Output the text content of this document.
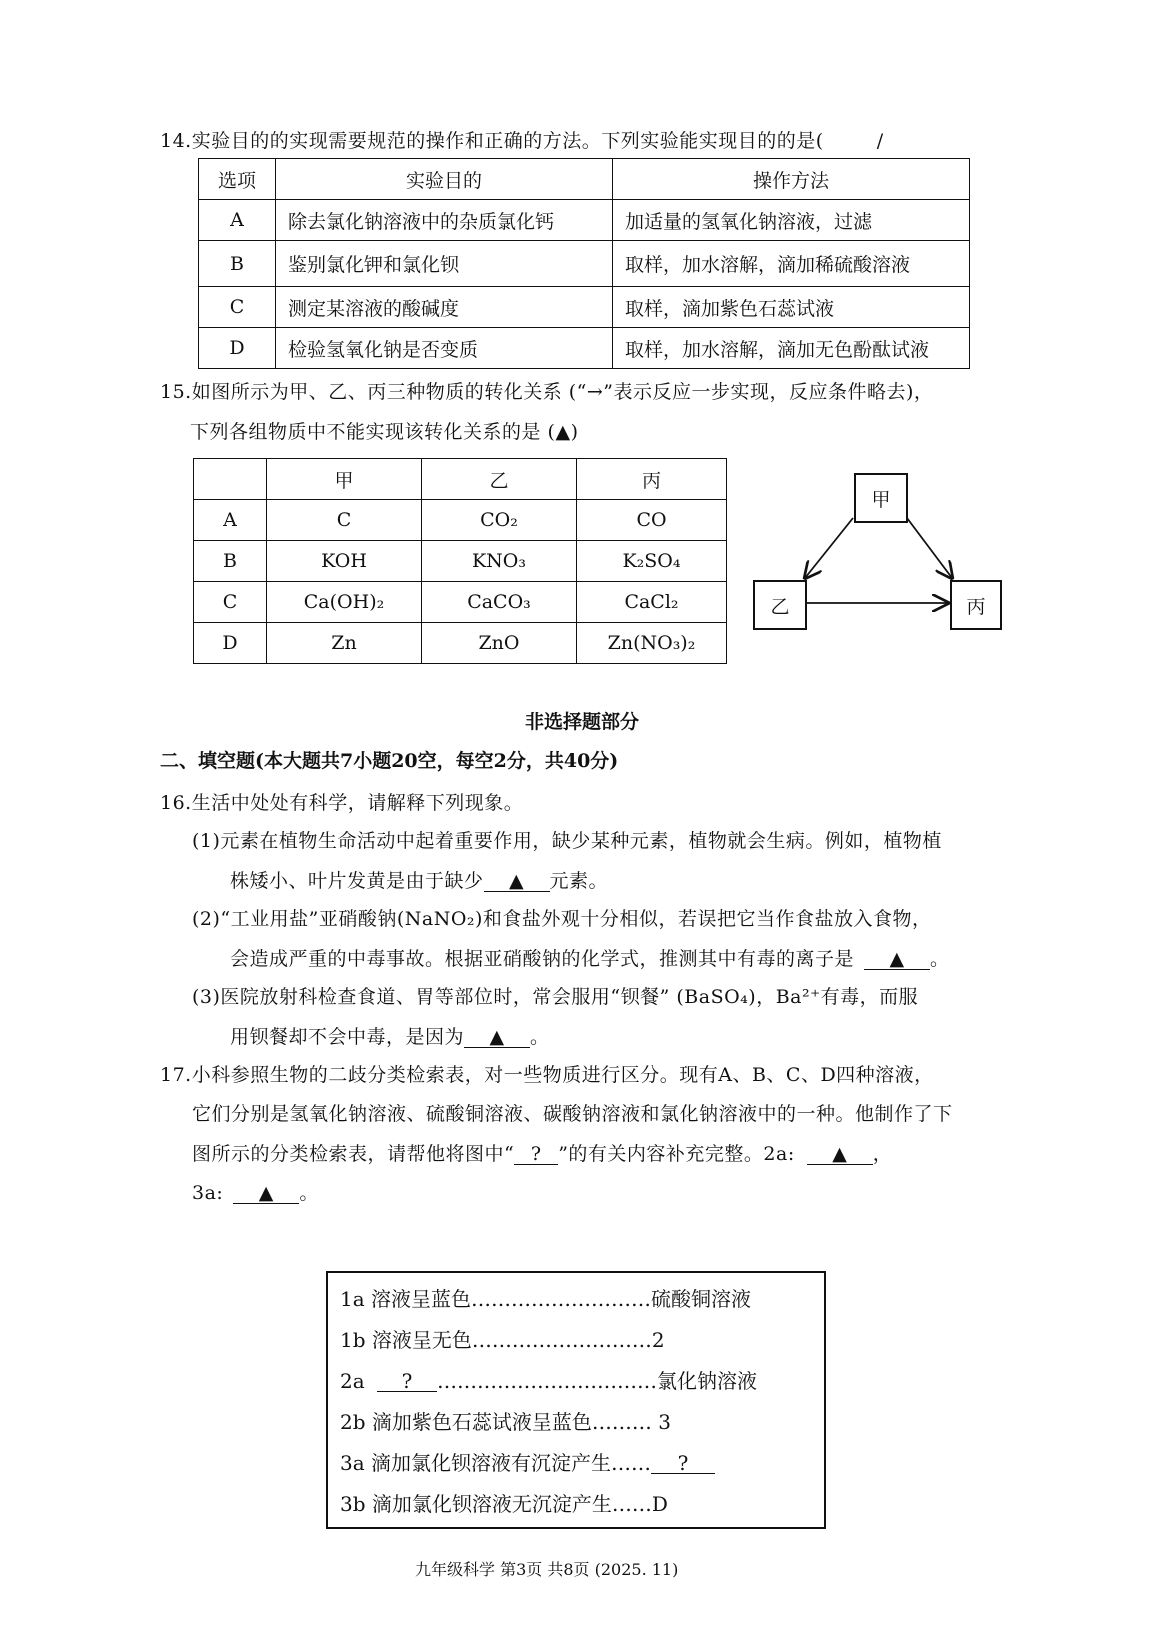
14.实验目的的实现需要规范的操作和正确的方法。下列实验能实现目的的是(	/
选项	实验目的	操作方法
A	除去氯化钠溶液中的杂质氯化钙	加适量的氢氧化钠溶液，过滤
B	鉴别氯化钾和氯化钡	取样，加水溶解，滴加稀硫酸溶液
C	测定某溶液的酸碱度	取样，滴加紫色石蕊试液
D	检验氢氧化钠是否变质	取样，加水溶解，滴加无色酚酞试液
15.如图所示为甲、乙、丙三种物质的转化关系 (“→”表示反应一步实现，反应条件略去)，
下列各组物质中不能实现该转化关系的是 (▲)
	甲	乙	丙
A	C	CO₂	CO
B	KOH	KNO₃	K₂SO₄
C	Ca(OH)₂	CaCO₃	CaCl₂
D	Zn	ZnO	Zn(NO₃)₂
甲
乙	丙
非选择题部分
二、填空题(本大题共7小题20空，每空2分，共40分)
16.生活中处处有科学，请解释下列现象。
(1)元素在植物生命活动中起着重要作用，缺少某种元素，植物就会生病。例如，植物植
株矮小、叶片发黄是由于缺少 ▲ 元素。
(2)“工业用盐”亚硝酸钠(NaNO₂)和食盐外观十分相似，若误把它当作食盐放入食物，
会造成严重的中毒事故。根据亚硝酸钠的化学式，推测其中有毒的离子是 ▲ 。
(3)医院放射科检查食道、胃等部位时，常会服用“钡餐” (BaSO₄)，Ba²⁺有毒，而服
用钡餐却不会中毒，是因为 ▲ 。
17.小科参照生物的二歧分类检索表，对一些物质进行区分。现有A、B、C、D四种溶液，
它们分别是氢氧化钠溶液、硫酸铜溶液、碳酸钠溶液和氯化钠溶液中的一种。他制作了下
图所示的分类检索表，请帮他将图中“ ? ”的有关内容补充完整。2a: ▲ ，
3a: ▲ 。
1a 溶液呈蓝色………………………硫酸铜溶液
1b 溶液呈无色………………………2
2a ? ……………………………氯化钠溶液
2b 滴加紫色石蕊试液呈蓝色……… 3
3a 滴加氯化钡溶液有沉淀产生…… ?
3b 滴加氯化钡溶液无沉淀产生……D
九年级科学 第3页 共8页 (2025. 11)
